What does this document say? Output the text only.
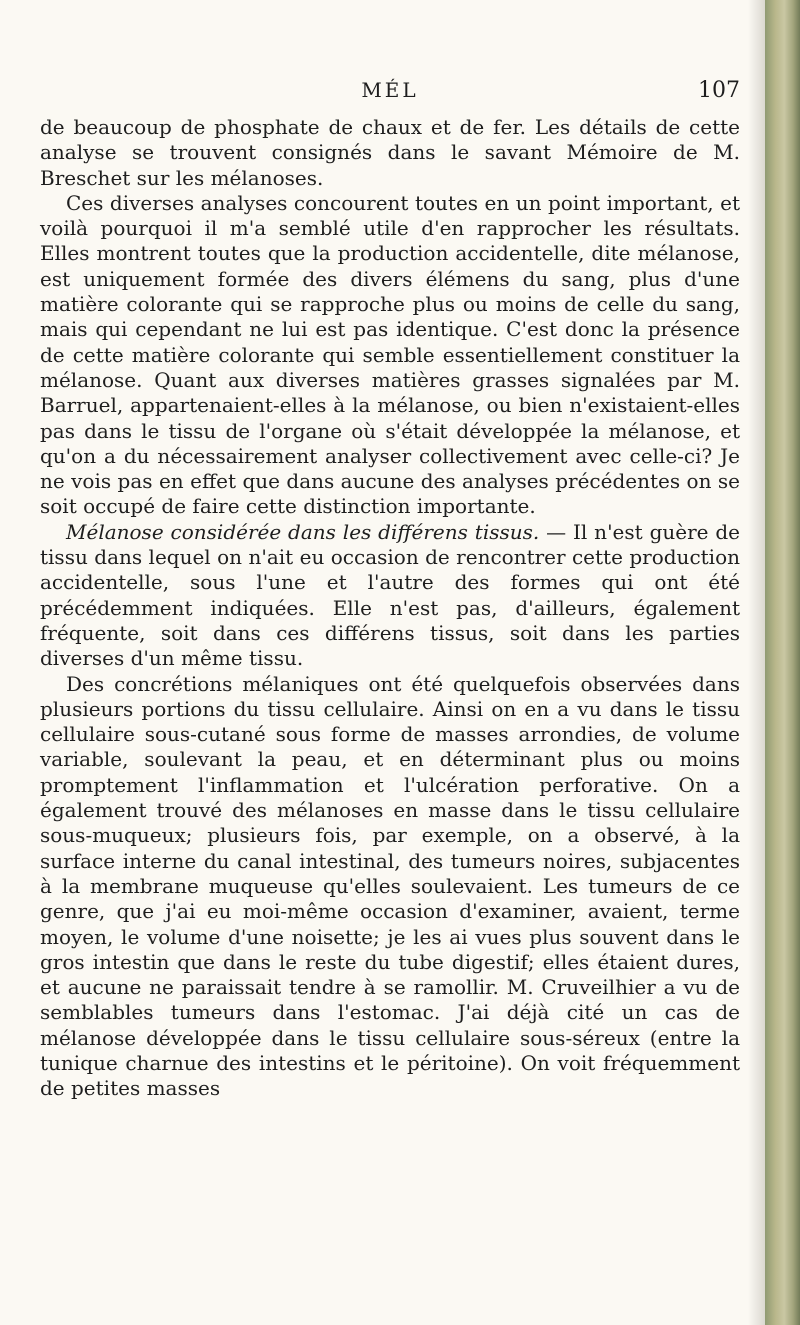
MÉL	107

de beaucoup de phosphate de chaux et de fer. Les détails de cette analyse se trouvent consignés dans le savant Mémoire de M. Breschet sur les mélanoses.

Ces diverses analyses concourent toutes en un point important, et voilà pourquoi il m'a semblé utile d'en rapprocher les résultats. Elles montrent toutes que la production accidentelle, dite mélanose, est uniquement formée des divers élémens du sang, plus d'une matière colorante qui se rapproche plus ou moins de celle du sang, mais qui cependant ne lui est pas identique. C'est donc la présence de cette matière colorante qui semble essentiellement constituer la mélanose. Quant aux diverses matières grasses signalées par M. Barruel, appartenaient-elles à la mélanose, ou bien n'existaient-elles pas dans le tissu de l'organe où s'était développée la mélanose, et qu'on a du nécessairement analyser collectivement avec celle-ci? Je ne vois pas en effet que dans aucune des analyses précédentes on se soit occupé de faire cette distinction importante.

Mélanose considérée dans les différens tissus. — Il n'est guère de tissu dans lequel on n'ait eu occasion de rencontrer cette production accidentelle, sous l'une et l'autre des formes qui ont été précédemment indiquées. Elle n'est pas, d'ailleurs, également fréquente, soit dans ces différens tissus, soit dans les parties diverses d'un même tissu.

Des concrétions mélaniques ont été quelquefois observées dans plusieurs portions du tissu cellulaire. Ainsi on en a vu dans le tissu cellulaire sous-cutané sous forme de masses arrondies, de volume variable, soulevant la peau, et en déterminant plus ou moins promptement l'inflammation et l'ulcération perforative. On a également trouvé des mélanoses en masse dans le tissu cellulaire sous-muqueux; plusieurs fois, par exemple, on a observé, à la surface interne du canal intestinal, des tumeurs noires, subjacentes à la membrane muqueuse qu'elles soulevaient. Les tumeurs de ce genre, que j'ai eu moi-même occasion d'examiner, avaient, terme moyen, le volume d'une noisette; je les ai vues plus souvent dans le gros intestin que dans le reste du tube digestif; elles étaient dures, et aucune ne paraissait tendre à se ramollir. M. Cruveilhier a vu de semblables tumeurs dans l'estomac. J'ai déjà cité un cas de mélanose développée dans le tissu cellulaire sous-séreux (entre la tunique charnue des intestins et le péritoine). On voit fréquemment de petites masses
